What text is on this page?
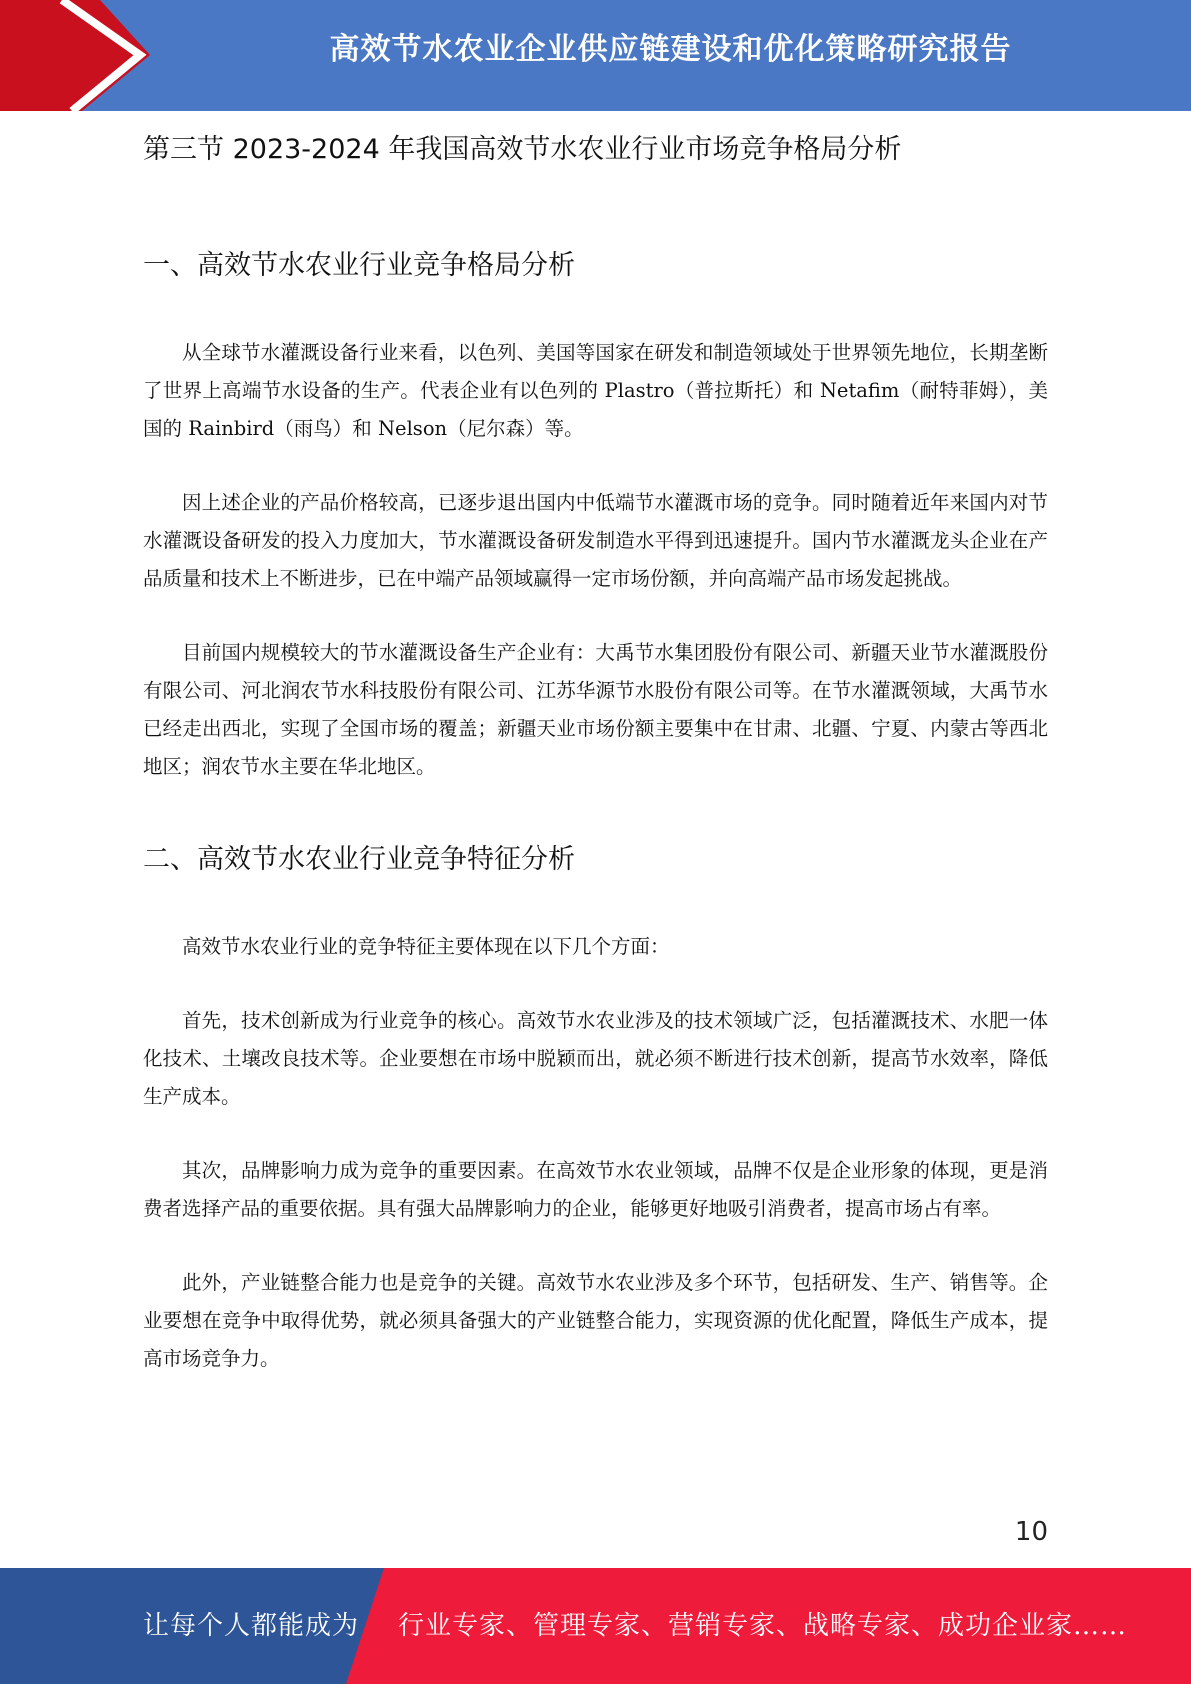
高效节水农业企业供应链建设和优化策略研究报告
第三节 2023-2024 年我国高效节水农业行业市场竞争格局分析
一、高效节水农业行业竞争格局分析

从全球节水灌溉设备行业来看，以色列、美国等国家在研发和制造领域处于世界领先地位，长期垄断了世界上高端节水设备的生产。代表企业有以色列的 Plastro（普拉斯托）和 Netafim（耐特菲姆），美国的 Rainbird（雨鸟）和 Nelson（尼尔森）等。

因上述企业的产品价格较高，已逐步退出国内中低端节水灌溉市场的竞争。同时随着近年来国内对节水灌溉设备研发的投入力度加大，节水灌溉设备研发制造水平得到迅速提升。国内节水灌溉龙头企业在产品质量和技术上不断进步，已在中端产品领域赢得一定市场份额，并向高端产品市场发起挑战。

目前国内规模较大的节水灌溉设备生产企业有：大禹节水集团股份有限公司、新疆天业节水灌溉股份有限公司、河北润农节水科技股份有限公司、江苏华源节水股份有限公司等。在节水灌溉领域，大禹节水已经走出西北，实现了全国市场的覆盖；新疆天业市场份额主要集中在甘肃、北疆、宁夏、内蒙古等西北地区；润农节水主要在华北地区。

二、高效节水农业行业竞争特征分析

高效节水农业行业的竞争特征主要体现在以下几个方面：

首先，技术创新成为行业竞争的核心。高效节水农业涉及的技术领域广泛，包括灌溉技术、水肥一体化技术、土壤改良技术等。企业要想在市场中脱颖而出，就必须不断进行技术创新，提高节水效率，降低生产成本。

其次，品牌影响力成为竞争的重要因素。在高效节水农业领域，品牌不仅是企业形象的体现，更是消费者选择产品的重要依据。具有强大品牌影响力的企业，能够更好地吸引消费者，提高市场占有率。

此外，产业链整合能力也是竞争的关键。高效节水农业涉及多个环节，包括研发、生产、销售等。企业要想在竞争中取得优势，就必须具备强大的产业链整合能力，实现资源的优化配置，降低生产成本，提高市场竞争力。

10
让每个人都能成为 行业专家、管理专家、营销专家、战略专家、成功企业家……
